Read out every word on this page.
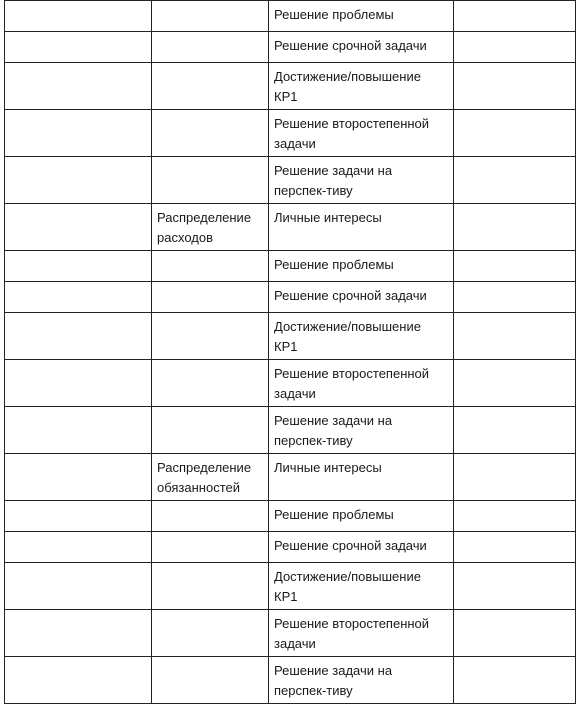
		Решение проблемы	
		Решение срочной задачи	
		Достижение/повышение КР1	
		Решение второстепенной задачи	
		Решение задачи на перспек-тиву	
	Распределение расходов	Личные интересы	
		Решение проблемы	
		Решение срочной задачи	
		Достижение/повышение КР1	
		Решение второстепенной задачи	
		Решение задачи на перспек-тиву	
	Распределение обязанностей	Личные интересы	
		Решение проблемы	
		Решение срочной задачи	
		Достижение/повышение КР1	
		Решение второстепенной задачи	
		Решение задачи на перспек-тиву	
